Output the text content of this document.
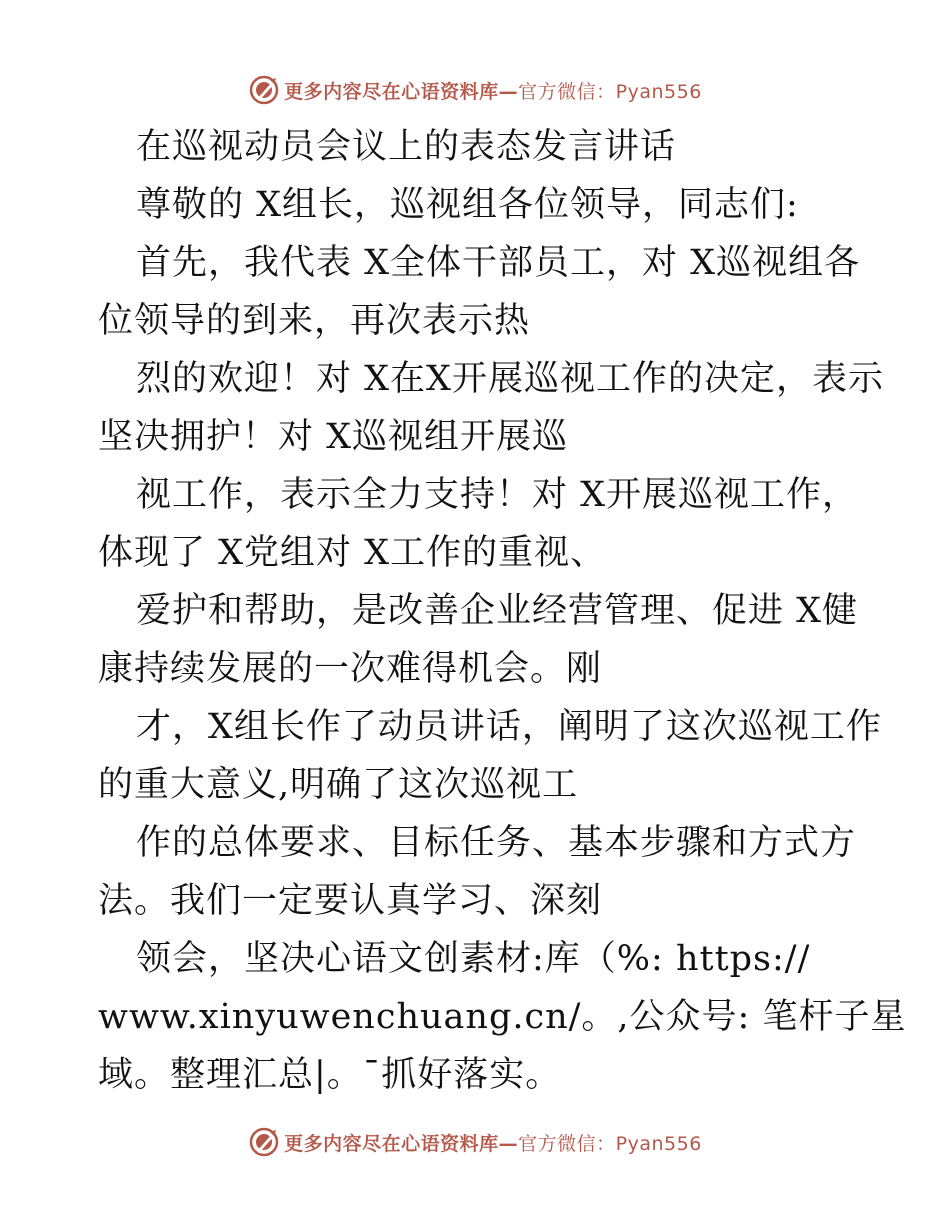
更多内容尽在心语资料库—官方微信：Pyan556
在巡视动员会议上的表态发言讲话
尊敬的 X组长，巡视组各位领导，同志们:
首先，我代表 X全体干部员工，对 X巡视组各
位领导的到来，再次表示热
烈的欢迎！对 X在X开展巡视工作的决定，表示
坚决拥护！对 X巡视组开展巡
视工作，表示全力支持！对 X开展巡视工作，
体现了 X党组对 X工作的重视、
爱护和帮助，是改善企业经营管理、促进 X健
康持续发展的一次难得机会。刚
才，X组长作了动员讲话，阐明了这次巡视工作
的重大意义,明确了这次巡视工
作的总体要求、目标任务、基本步骤和方式方
法。我们一定要认真学习、深刻
领会，坚决心语文创素材:库（%: https://
www.xinyuwenchuang.cn/。,公众号: 笔杆子星
域。整理汇总|。¯抓好落实。
更多内容尽在心语资料库—官方微信：Pyan556
